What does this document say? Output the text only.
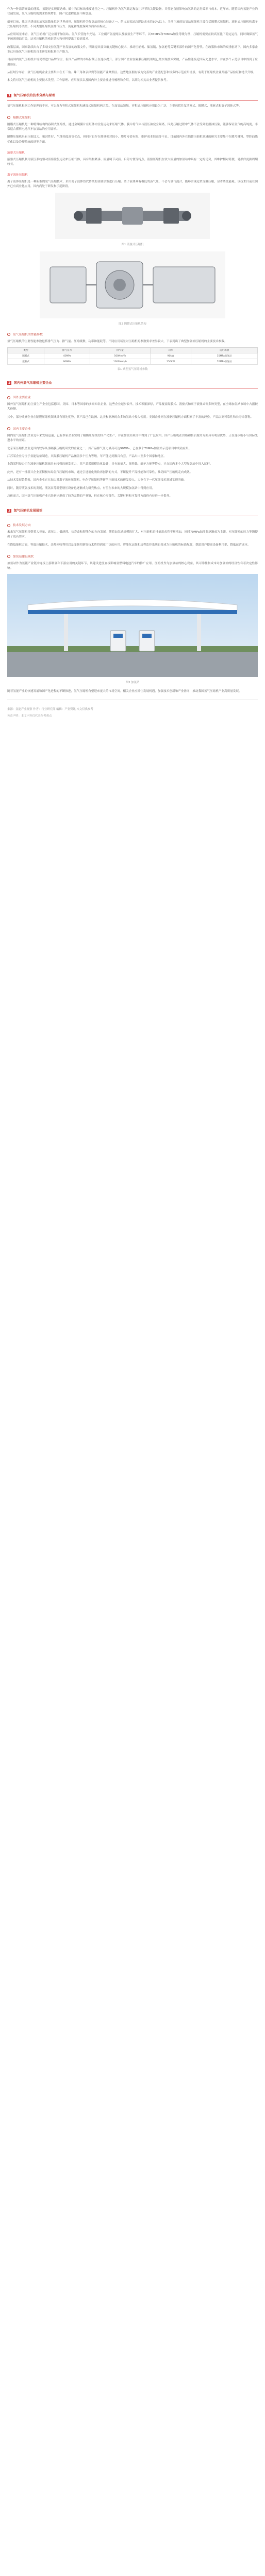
作为一种清洁高效的能源，氢能是实现碳达峰、碳中和目标的重要途径之一。压缩机作为氢气储运和加注环节的关键设备，其性能直接影响加氢站的运行效率与成本。近年来，随着国内氢能产业的快速发展，氢气压缩机的需求持续增长，国产化进程也在不断加速。

截至目前，我国已建成的加氢站数量位居世界前列，压缩机作为加氢站的核心装备之一，约占加氢站总建设成本的30%以上。当前主流的加氢站压缩机主要包括隔膜式压缩机、液驱式压缩机和离子式压缩机等类型，不同类型压缩机在排气压力、流量和纯度保障方面各有特点。

从应用场景来看，氢气压缩机广泛应用于加氢站、氢气长管拖车充装、工业副产氢提纯以及液氢生产等环节。以35MPa和70MPa加注等级为例，压缩机需要在较高压比下稳定运行，同时确保氢气不被润滑油污染，这对压缩机的密封结构和材料提出了较高要求。

政策层面，国家陆续出台了多项支持氢能产业发展的政策文件，明确提出要突破关键核心技术，推动压缩机、储氢瓶、加氢枪等关键零部件的国产化替代。在政策和市场的双重驱动下，国内多家企业已具备氢气压缩机的自主研发和批量生产能力。

目前国内氢气压缩机市场仍以进口品牌为主，但国产品牌的市场份额正在逐步提升。部分国产企业在隔膜压缩机领域已经实现技术突破，产品性能接近国际先进水平，并在多个示范项目中得到了应用验证。

从区域分布看，氢气压缩机企业主要集中在长三角、珠三角和京津冀等氢能产业聚集区。这些地区拥有较为完善的产业链配套和较多的示范应用场景，有利于压缩机企业开展产品验证和迭代升级。

本文将对氢气压缩机的主要技术类型、工作原理、应用现状以及国内外主要企业进行梳理和介绍，以期为相关从业者提供参考。

1 氢气压缩机的技术分类与原理

氢气压缩机根据工作原理的不同，可以分为容积式压缩机和速度式压缩机两大类。在加氢站领域，容积式压缩机应用最为广泛，主要包括往复活塞式、隔膜式、液驱式和离子液体式等。

隔膜式压缩机

隔膜式压缩机是一种特殊结构的容积式压缩机，通过金属膜片在缸体内往复运动来压缩气体。膜片将气体与液压油完全隔离，因此压缩过程中气体不会受到润滑油污染，能够保证氢气的高纯度，非常适合燃料电池汽车加氢站的应用需求。

隔膜压缩机具有压缩比大、密封性好、气体纯度高等优点，但同时也存在排量相对较小、膜片寿命有限、维护成本较高等不足。目前国内外在隔膜压缩机领域的研究主要集中在膜片材料、型腔曲线优化以及冷却系统改进等方面。

液驱式压缩机

液驱式压缩机利用液压系统驱动活塞往复运动来压缩气体，具有结构紧凑、流量调节灵活、启停方便等特点。液驱压缩机在较大流量的加氢站中具有一定的优势，其维护相对简便，易损件更换周期较长。

离子液体压缩机

离子液体压缩机是一种新型的氢气压缩技术，采用离子液体替代传统的金属活塞进行压缩。离子液体具有极低的蒸气压，不会与氢气混合，能够实现近似等温压缩，显著降低能耗。该技术目前在国外已有商业化应用，国内尚处于研发和示范阶段。

图1 液驱式压缩机
图2 隔膜式压缩机结构
氢气压缩机的性能参数

氢气压缩机的主要性能参数包括排气压力、排气量、压缩级数、功率和能耗等。不同应用场景对压缩机的参数要求差异较大，下表列出了典型加氢站压缩机的主要技术参数。

类型	排气压力	排气量	功率	适用场景
隔膜式	45MPa	500Nm³/h	90kW	35MPa加氢站
液驱式	90MPa	1000Nm³/h	150kW	70MPa加氢站
表1 典型氢气压缩机参数
2 国内外氢气压缩机主要企业
国外主要企业

国外氢气压缩机的主要生产企业包括德国、美国、日本等国家的多家知名企业。这些企业起步较早，技术积累深厚，产品覆盖隔膜式、液驱式和离子液体式等多种类型，在全球加氢站市场中占据较大份额。

其中，部分欧洲企业在隔膜压缩机领域具有领先优势，其产品已在欧洲、北美和亚洲的众多加氢站中投入使用。美国企业则在液驱压缩机方面积累了丰富的经验，产品以高可靠性和长寿命著称。

国内主要企业

国内氢气压缩机企业近年来发展迅速，已有多家企业实现了隔膜压缩机的国产化生产，并在加氢站项目中得到了广泛应用。国产压缩机在价格和售后服务方面具有明显优势，正在逐步缩小与国际先进水平的差距。

北京某压缩机企业是国内较早从事隔膜压缩机研发的企业之一，其产品排气压力最高可达90MPa，已在多个70MPa加氢站示范项目中成功应用。

江苏某企业专注于氢能装备制造，其隔膜压缩机产品涵盖多个压力等级，年产能达到数百台套，产品出口至多个国家和地区。

上海某科技公司在液驱压缩机领域具有较强的研发实力，其产品采用模块化设计，具有流量大、能耗低、维护方便等特点，已在国内多个大型加氢站中投入运行。

此外，还有一批新兴企业正积极布局氢气压缩机市场，通过引进消化吸收再创新的方式，不断提升产品性能和可靠性，推动国产压缩机走向成熟。

从技术发展趋势看，国内企业正在加大对离子液体压缩机、电化学压缩机等新型压缩技术的研发投入，力争在下一代压缩技术领域实现突破。

同时，随着液氢技术的发展，液氢泵等新型增压设备也逐渐成为研究热点，有望在未来的大规模加氢站中得到应用。

总体而言，国内氢气压缩机产业已经初步形成了较为完整的产业链，但在核心零部件、关键材料和可靠性方面仍有待进一步提升。

3 氢气压缩机发展展望
技术发展方向

未来氢气压缩机将朝着大排量、高压力、低能耗、长寿命和智能化的方向发展。随着加氢站规模的扩大，对压缩机的排量需求将不断增加，同时70MPa加注将逐渐成为主流，对压缩机的压力等级提出了更高要求。

在降低能耗方面，等温压缩技术、余热回收利用以及变频控制等技术将得到更广泛的应用。智能化运维和远程监控系统也将成为压缩机的标准配置，帮助用户提高设备利用率、降低运营成本。

加氢站建设现状

加氢站作为氢能产业链中连接上游制氢和下游应用的关键环节，其建设进度直接影响氢燃料电池汽车的推广应用。压缩机作为加氢站的核心设备，其可靠性和成本对加氢站的经济性有着决定性影响。

图3 加氢站

随着氢能产业的快速发展和国产化进程的不断推进，氢气压缩机有望迎来更大的市场空间。相关企业应抓住发展机遇，加强技术创新和产业协同，推动我国氢气压缩机产业高质量发展。

来源：氢能产业观察 作者：行业研究部 编辑：产业资讯 本文仅供参考
免责声明：本文内容仅代表作者观点
